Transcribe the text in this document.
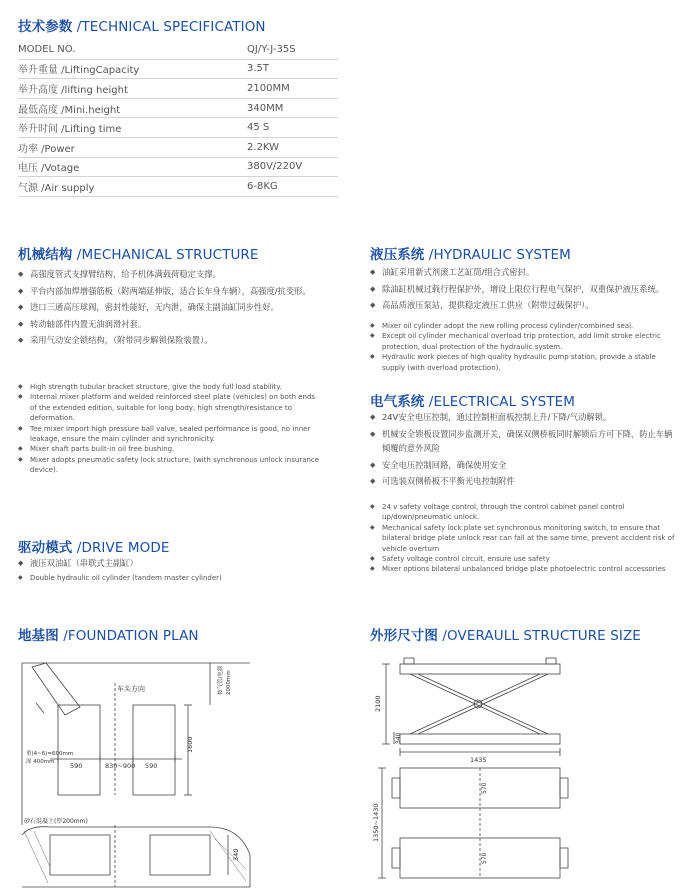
技术参数 /TECHNICAL SPECIFICATION
MODEL NO.	QJ/Y-J-35S
举升重量 /LiftingCapacity	3.5T
举升高度 /lifting height	2100MM
最低高度 /Mini.height	340MM
举升时间 /Lifting time	45 S
功率 /Power	2.2KW
电压 /Votage	380V/220V
气源 /Air supply	6-8KG
机械结构 /MECHANICAL STRUCTURE
◆ 高强度管式支撑臂结构，给予机体满载荷稳定支撑。
◆ 平台内部加焊增强筋板（附两端延伸版，适合长车身车辆），高强度/抗变形。
◆ 进口三通高压球阀，密封性能好，无内泄，确保主副油缸同步性好。
◆ 转动轴部件内置无油润滑衬套。
◆ 采用气动安全锁结构，（附带同步解锁保险装置）。
◆ High strength tubular bracket structure, give the body full load stability.
◆ Internal mixer platform and welded reinforced steel plate (vehicles) on both ends of the extended edition, suitable for long body, high strength/resistance to deformation.
◆ Tee mixer import high pressure ball valve, sealed performance is good, no inner leakage, ensure the main cylinder and synchronicity.
◆ Mixer shaft parts built-in oil free bushing.
◆ Mixer adopts pneumatic safety lock structure, (with synchronous unlock insurance device).
驱动模式 /DRIVE MODE
◆ 液压双油缸（串联式主副缸）
◆ Double hydraulic oil cylinder (tandem master cylinder)
液压系统 /HYDRAULIC SYSTEM
◆ 油缸采用新式剂滚工艺缸筒/组合式密封。
◆ 除油缸机械过载行程保护外，增设上限位行程电气保护，双重保护液压系统。
◆ 高品质液压泵站，提供稳定液压工供应（附带过载保护）。
◆ Mixer oil cylinder adopt the new rolling process cylinder/combined seal.
◆ Except oil cylinder mechanical overload trip protection, add limit stroke electric protection, dual protection of the hydraulic system.
◆ Hydraulic work pieces of high quality hydraulic pump station, provide a stable supply (with overload protection).
电气系统 /ELECTRICAL SYSTEM
◆ 24V安全电压控制，通过控制柜面板控制上升/下降/气动解锁。
◆ 机械安全锁板设置同步监测开关，确保双侧桥板同时解锁后方可下降，防止车辆倾覆的意外风险
◆ 安全电压控制回路，确保使用安全
◆ 可选装双侧桥板不平衡光电控制附件
◆ 24 v safety voltage control, through the control cabinet panel control up/down/pneumatic unlock.
◆ Mechanical safety lock plate set synchronous monitoring switch, to ensure that bilateral bridge plate unlock rear can fall at the same time, prevent accident risk of vehicle overturn
◆ Safety voltage control circuit, ensure use safety
◆ Mixer options bilateral unbalanced bridge plate photoelectric control accessories
地基图 /FOUNDATION PLAN
车头方向
590	830~900 590
1600
重(4~6)=600mm
深 400mm
按气管/电源 2000mm
砂石混凝土(厚200mm)
340
外形尺寸图 /OVERAULL STRUCTURE SIZE
2100
340
1435
570
1350~1430
570
